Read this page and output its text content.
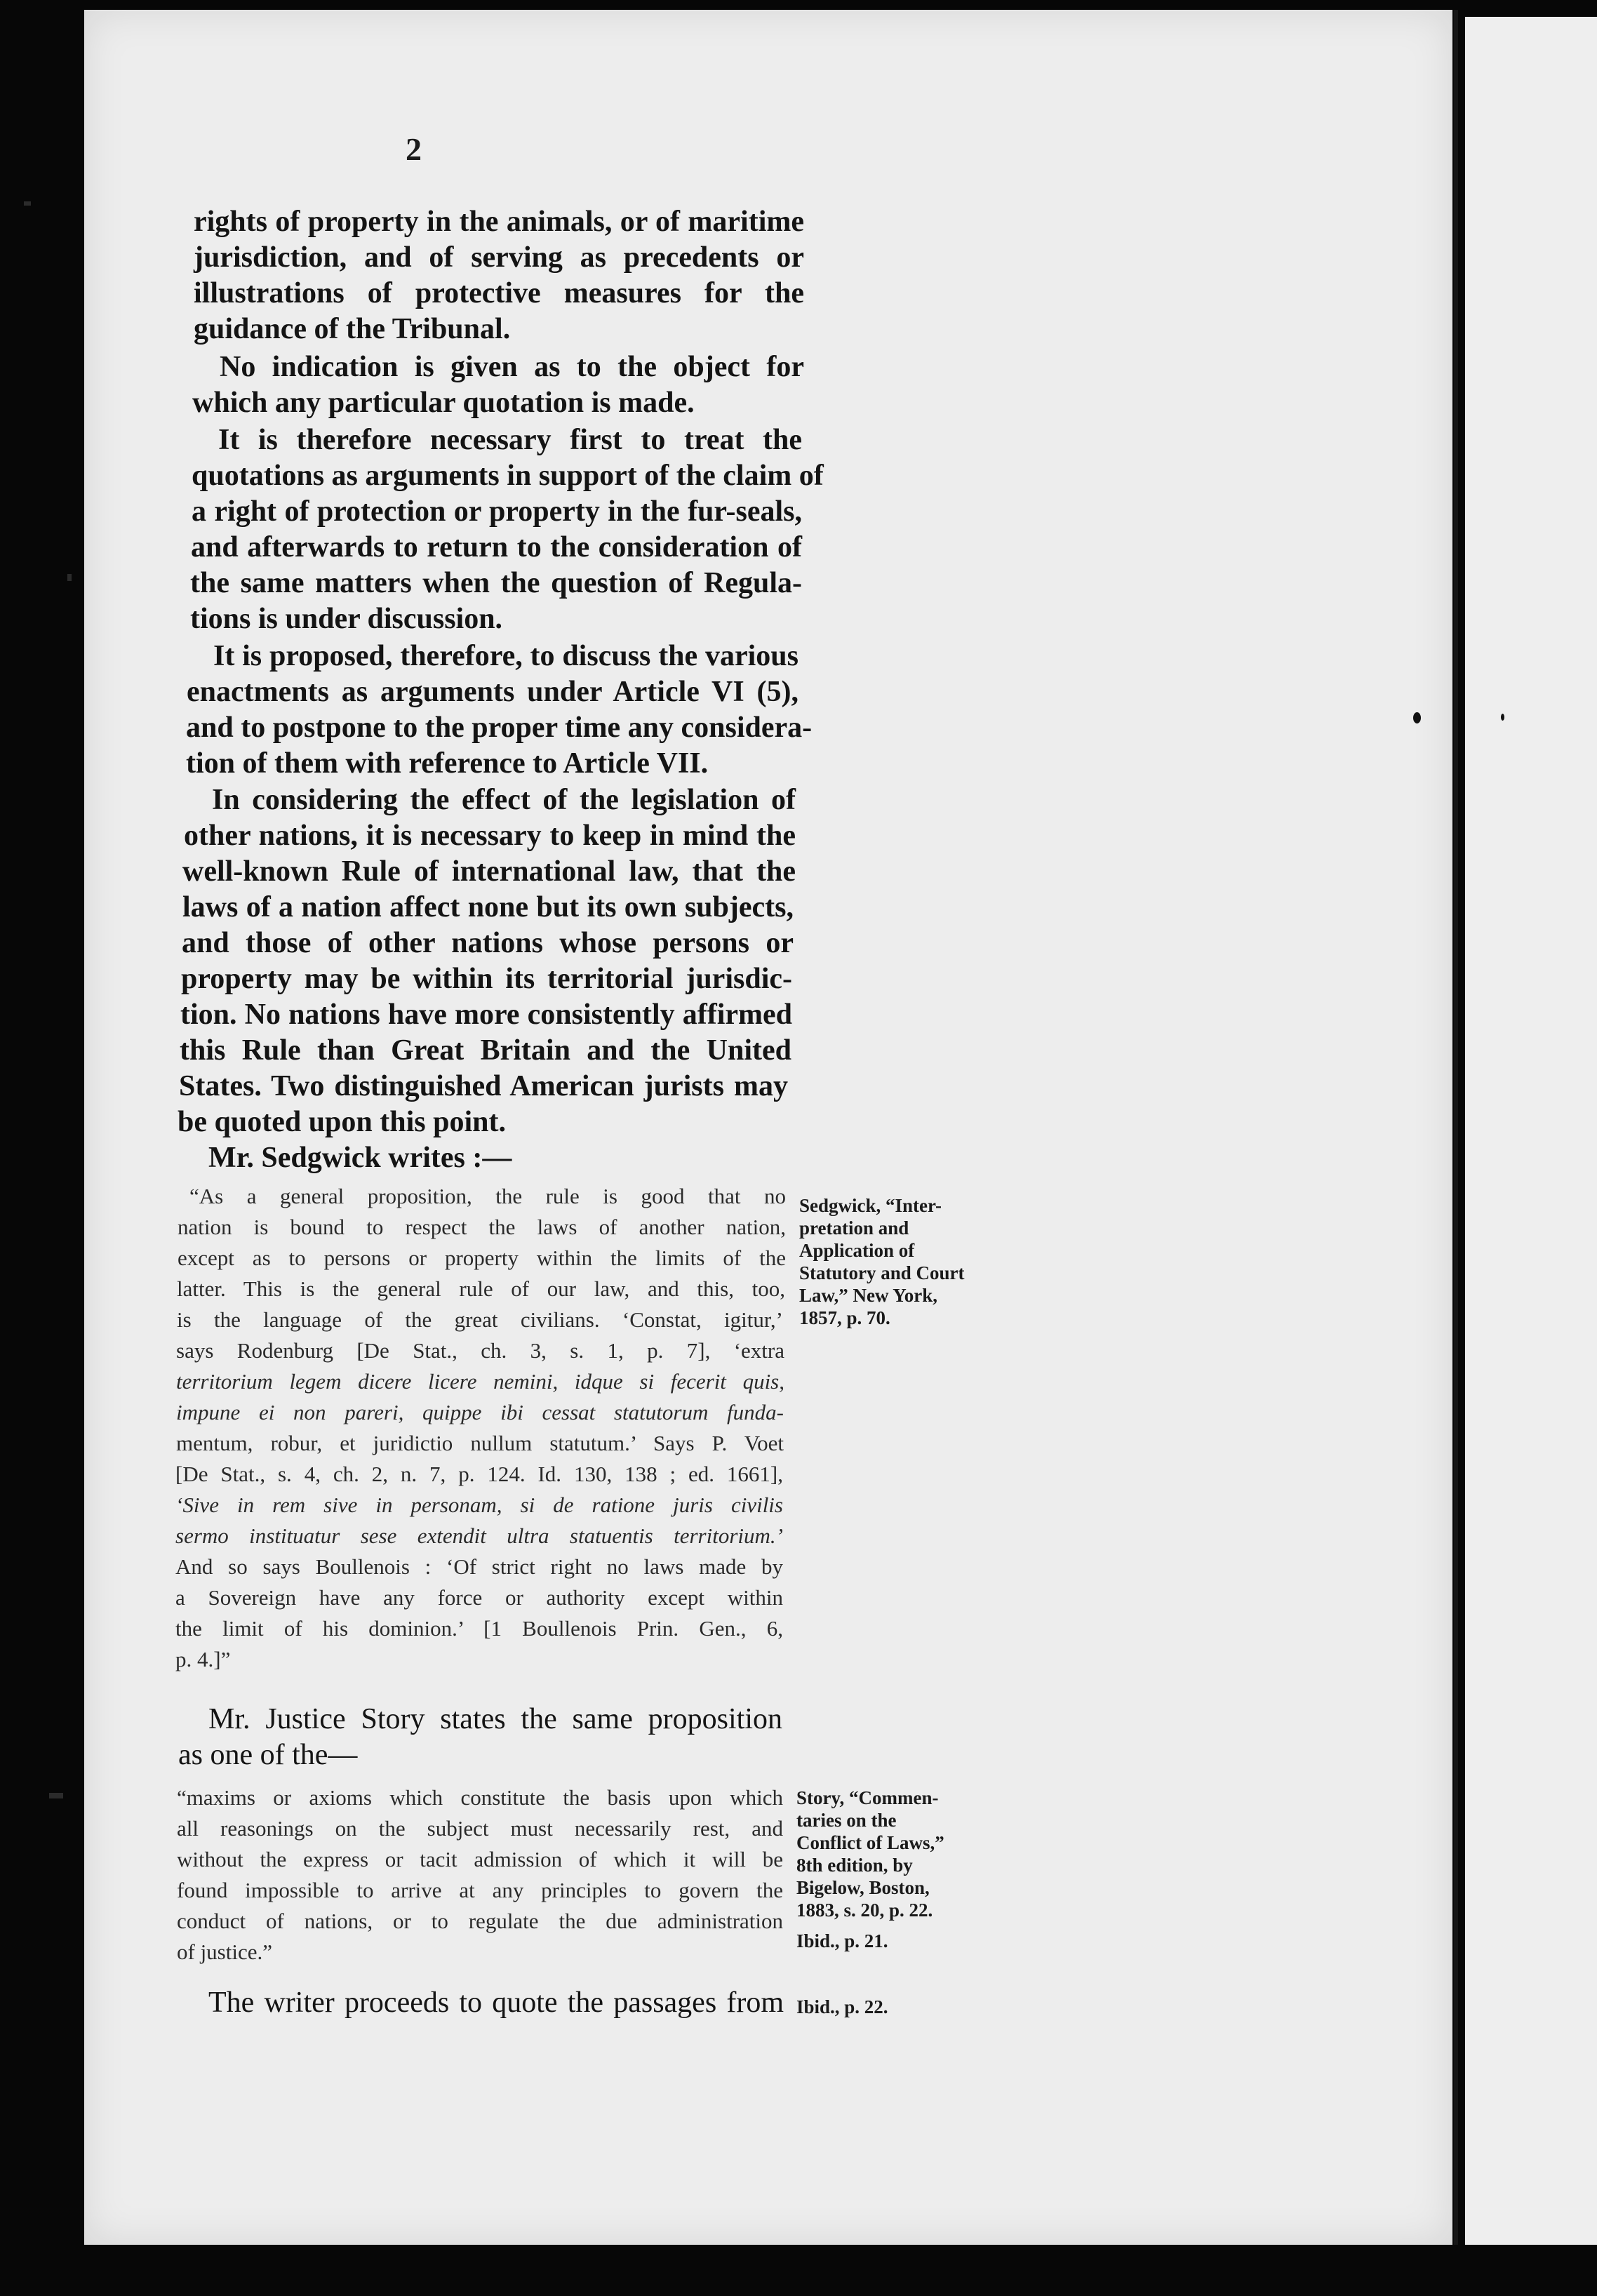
2
rights of property in the animals, or of maritime
jurisdiction, and of serving as precedents or
illustrations of protective measures for the
guidance of the Tribunal.
No indication is given as to the object for
which any particular quotation is made.
It is therefore necessary first to treat the
quotations as arguments in support of the claim of
a right of protection or property in the fur-seals,
and afterwards to return to the consideration of
the same matters when the question of Regula-
tions is under discussion.
It is proposed, therefore, to discuss the various
enactments as arguments under Article VI (5),
and to postpone to the proper time any considera-
tion of them with reference to Article VII.
In considering the effect of the legislation of
other nations, it is necessary to keep in mind the
well-known Rule of international law, that the
laws of a nation affect none but its own subjects,
and those of other nations whose persons or
property may be within its territorial jurisdic-
tion. No nations have more consistently affirmed
this Rule than Great Britain and the United
States. Two distinguished American jurists may
be quoted upon this point.
Mr. Sedgwick writes :—
“As a general proposition, the rule is good that no
nation is bound to respect the laws of another nation,
except as to persons or property within the limits of the
latter. This is the general rule of our law, and this, too,
is the language of the great civilians. ‘Constat, igitur,’
says Rodenburg [De Stat., ch. 3, s. 1, p. 7], ‘extra
territorium legem dicere licere nemini, idque si fecerit quis,
impune ei non pareri, quippe ibi cessat statutorum funda-
mentum, robur, et juridictio nullum statutum.’ Says P. Voet
[De Stat., s. 4, ch. 2, n. 7, p. 124. Id. 130, 138 ; ed. 1661],
‘Sive in rem sive in personam, si de ratione juris civilis
sermo instituatur sese extendit ultra statuentis territorium.’
And so says Boullenois : ‘Of strict right no laws made by
a Sovereign have any force or authority except within
the limit of his dominion.’ [1 Boullenois Prin. Gen., 6,
p. 4.]”
Mr. Justice Story states the same proposition
as one of the—
“maxims or axioms which constitute the basis upon which
all reasonings on the subject must necessarily rest, and
without the express or tacit admission of which it will be
found impossible to arrive at any principles to govern the
conduct of nations, or to regulate the due administration
of justice.”
The writer proceeds to quote the passages from
Sedgwick, “Inter-
pretation and
Application of
Statutory and Court
Law,” New York,
1857, p. 70.
Story, “Commen-
taries on the
Conflict of Laws,”
8th edition, by
Bigelow, Boston,
1883, s. 20, p. 22.
Ibid., p. 21.
Ibid., p. 22.
